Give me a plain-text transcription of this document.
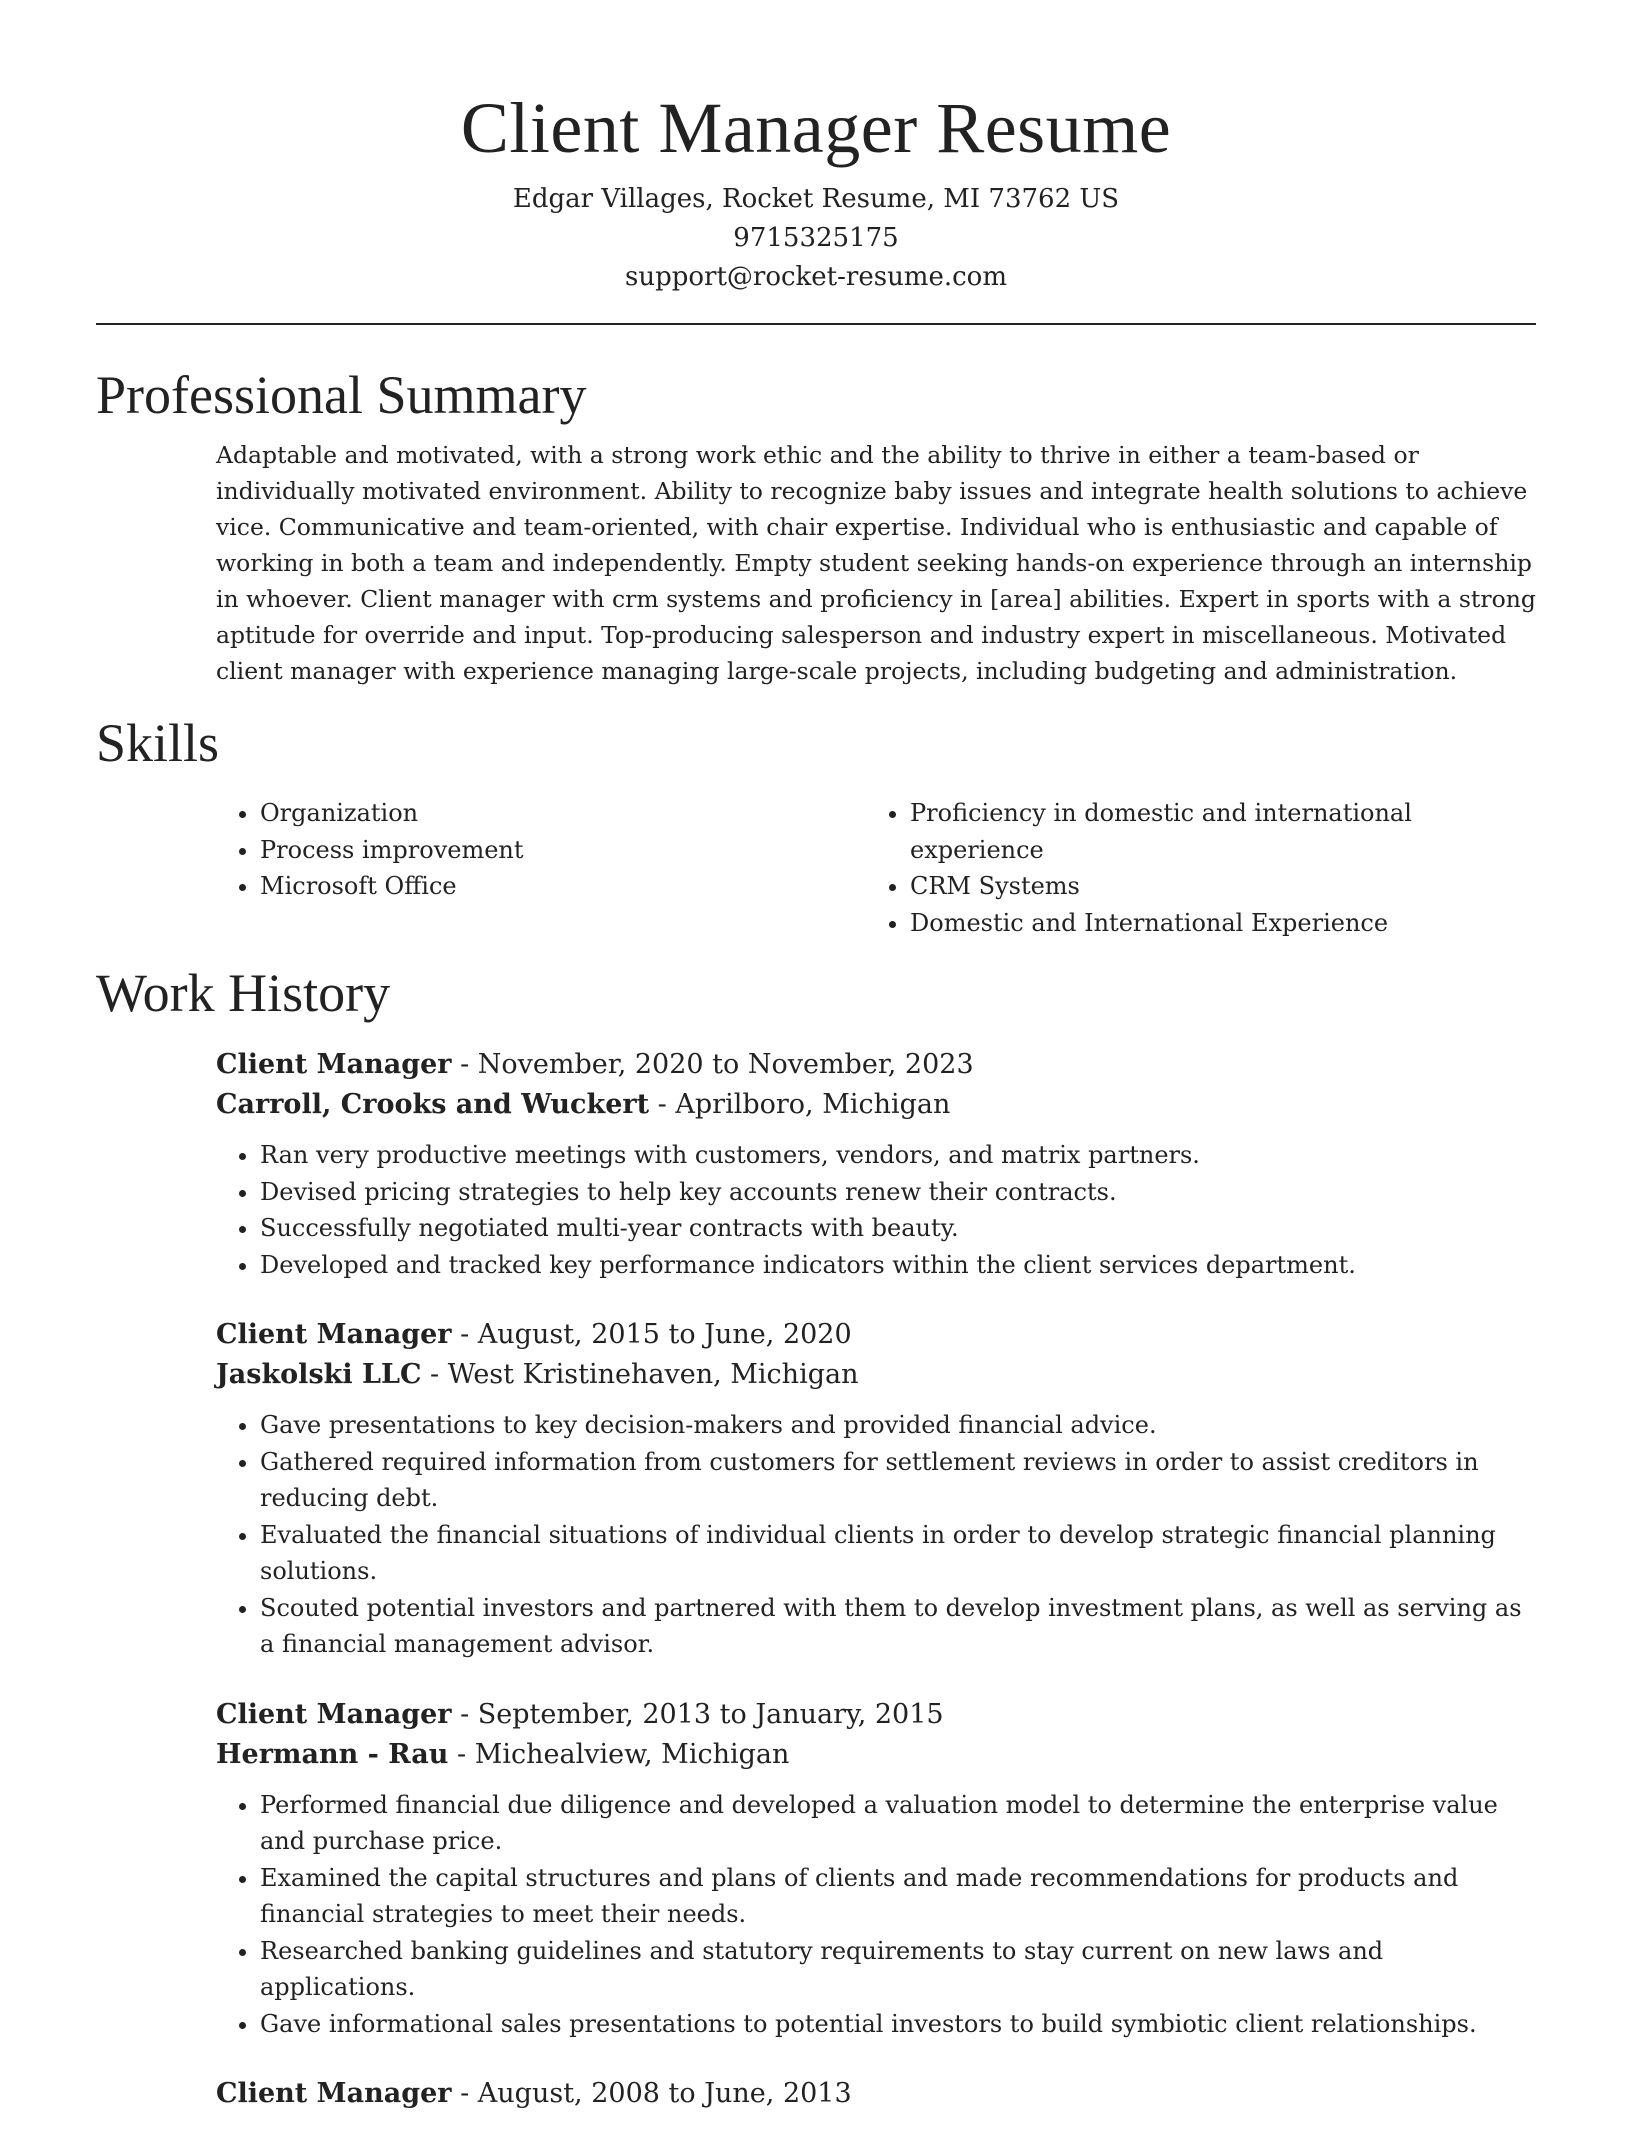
Client Manager Resume
Edgar Villages, Rocket Resume, MI 73762 US
9715325175
support@rocket-resume.com
Professional Summary

Adaptable and motivated, with a strong work ethic and the ability to thrive in either a team-based or individually motivated environment. Ability to recognize baby issues and integrate health solutions to achieve vice. Communicative and team-oriented, with chair expertise. Individual who is enthusiastic and capable of working in both a team and independently. Empty student seeking hands-on experience through an internship in whoever. Client manager with crm systems and proficiency in [area] abilities. Expert in sports with a strong aptitude for override and input. Top-producing salesperson and industry expert in miscellaneous. Motivated client manager with experience managing large-scale projects, including budgeting and administration.

Skills
• Organization
• Process improvement
• Microsoft Office
• Proficiency in domestic and international experience
• CRM Systems
• Domestic and International Experience
Work History
Client Manager - November, 2020 to November, 2023
Carroll, Crooks and Wuckert - Aprilboro, Michigan
• Ran very productive meetings with customers, vendors, and matrix partners.
• Devised pricing strategies to help key accounts renew their contracts.
• Successfully negotiated multi-year contracts with beauty.
• Developed and tracked key performance indicators within the client services department.
Client Manager - August, 2015 to June, 2020
Jaskolski LLC - West Kristinehaven, Michigan
• Gave presentations to key decision-makers and provided financial advice.
• Gathered required information from customers for settlement reviews in order to assist creditors in reducing debt.
• Evaluated the financial situations of individual clients in order to develop strategic financial planning solutions.
• Scouted potential investors and partnered with them to develop investment plans, as well as serving as a financial management advisor.
Client Manager - September, 2013 to January, 2015
Hermann - Rau - Michealview, Michigan
• Performed financial due diligence and developed a valuation model to determine the enterprise value and purchase price.
• Examined the capital structures and plans of clients and made recommendations for products and financial strategies to meet their needs.
• Researched banking guidelines and statutory requirements to stay current on new laws and applications.
• Gave informational sales presentations to potential investors to build symbiotic client relationships.
Client Manager - August, 2008 to June, 2013
